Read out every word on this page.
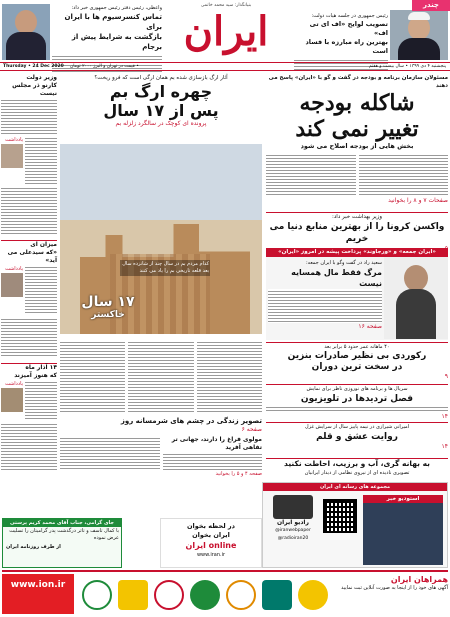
واعظی، رئیس دفتر رئیس جمهوری خبر داد:
تماس کنسرسیوم ها با ایران برای
بازگشت به شرایط پیش از برجام
بنیانگذار: سید محمد خاتمی
ایران	رئیس جمهوری در جلسه هیات دولت:
تصویب لوایح «اف ای تی اف»
بهترین راه مبارزه با فساد است
چندر
Thursday • 24 Dec 2020 • قیمت در تهران و البرز ۲۰۰۰ تومان	پنجشنبه ۴ دی ۱۳۹۹ • سال بیست و هفتم
وزیر دولت
کارنو ذر مجلس نیست
یادداشت
میزان ای
«که سیدعلی می آید»
یادداشت
۱۴ آذار ماه
که هنوز آمیزند
یادداشت
آثار ارگ بازسازی شده بم همان ارگی است که فرو ریخت؟
چهره ارگ بم
پس از ۱۷ سال
پرونده ای کوچک در سالگرد زلزله بم
کدام مردم بم در سال چند از شانزده سال بعد قلعه تاریخی بم را یاد می کنند
۱۷ سال
خاکستر
مسئولان سازمان برنامه و بودجه در گفت و گو با «ایران» پاسخ می دهند
شاکله بودجه
تغییر نمی کند
بخش هایی از بودجه اصلاح می شود
صفحات ۷ و ۸ را بخوانید
وزیر بهداشت خبر داد:
واکسن کرونا را از بهترین منابع دنیا می خریم
«ایران جمعه» و «ورجاوند» پرداخت پیشه در امروز «ایران»
سعید راد در گفت وگو با ایران جمعه:
مرگ فقط مال همسایه نیست
صفحه ۱۶
۴۰ ماهانه عمر حدود ۵ برابر بعد
رکوردی بی نظیر صادرات بنزین
در سخت ترین دوران
۹
سریال ها و برنامه های نوروزی ناظر برای نمایش
فصل تردیدها در تلویزیون
۱۴
امیرانی شیرازی در نیمه پاییز سال از سرایش غزل
روایت عشق و قلم
۱۴
به بهانه گری، آب و برزیب، احاطت نکنید
تصویری نادیده ای از نیروی نظامی از دیدار ایرانیان
تصویر زندگی در چشم های شرمسانه روز
صفحه ۶
مولوی فراغ را دارند، جهانی تر تفاهی آفرید
صفحه ۴ و ۵ را بخوانید
جای گرامی، جناب آقای محمد کریم پرستی
با کمال تاسف و تاثر درگذشت پدر گرامیتان را تسلیت عرض نموده
از طرف روزنامه ایران
در لحظه بخوان
ایران بخوان
ایران online
www.iran.ir
مجموعه های رسانه ای ایران
رادیو ایران
@iranwebpaper
@radioiran20
استودیو خبر
www.ion.ir
همراهان ایران
آگهی های خود را از اینجا به صورت آنلاین ثبت نمایید
